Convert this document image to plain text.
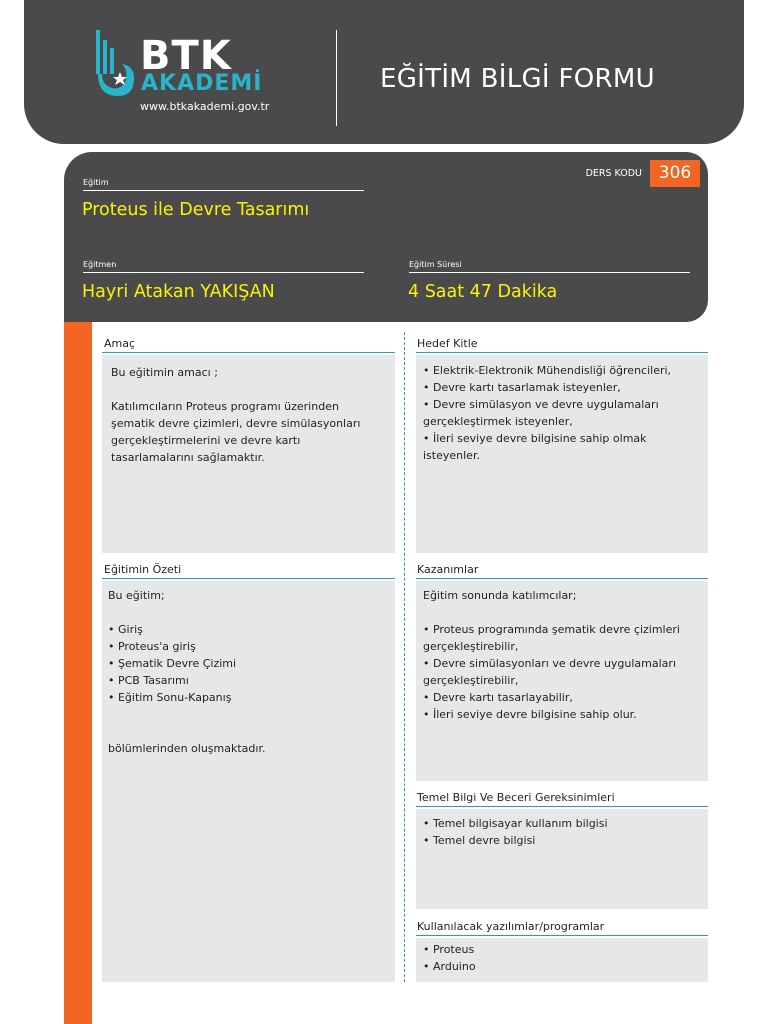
BTK
AKADEMİ
www.btkakademi.gov.tr
EĞİTİM BİLGİ FORMU
DERS KODU 306
Eğitim
Proteus ile Devre Tasarımı
Eğitmen
Hayri Atakan YAKIŞAN
Eğitim Süresi
4 Saat 47 Dakika
Amaç

Bu eğitimin amacı ;

Katılımcıların Proteus programı üzerinden şematik devre çizimleri, devre simülasyonları gerçekleştirmelerini ve devre kartı tasarlamalarını sağlamaktır.

Hedef Kitle
• Elektrik-Elektronik Mühendisliği öğrencileri,
• Devre kartı tasarlamak isteyenler,
• Devre simülasyon ve devre uygulamaları gerçekleştirmek isteyenler,
• İleri seviye devre bilgisine sahip olmak isteyenler.
Eğitimin Özeti

Bu eğitim;

• Giriş
• Proteus'a giriş
• Şematik Devre Çizimi
• PCB Tasarımı
• Eğitim Sonu-Kapanış

bölümlerinden oluşmaktadır.

Kazanımlar

Eğitim sonunda katılımcılar;

• Proteus programında şematik devre çizimleri gerçekleştirebilir,
• Devre simülasyonları ve devre uygulamaları gerçekleştirebilir,
• Devre kartı tasarlayabilir,
• İleri seviye devre bilgisine sahip olur.
Temel Bilgi Ve Beceri Gereksinimleri
• Temel bilgisayar kullanım bilgisi
• Temel devre bilgisi
Kullanılacak yazılımlar/programlar
• Proteus
• Arduino
